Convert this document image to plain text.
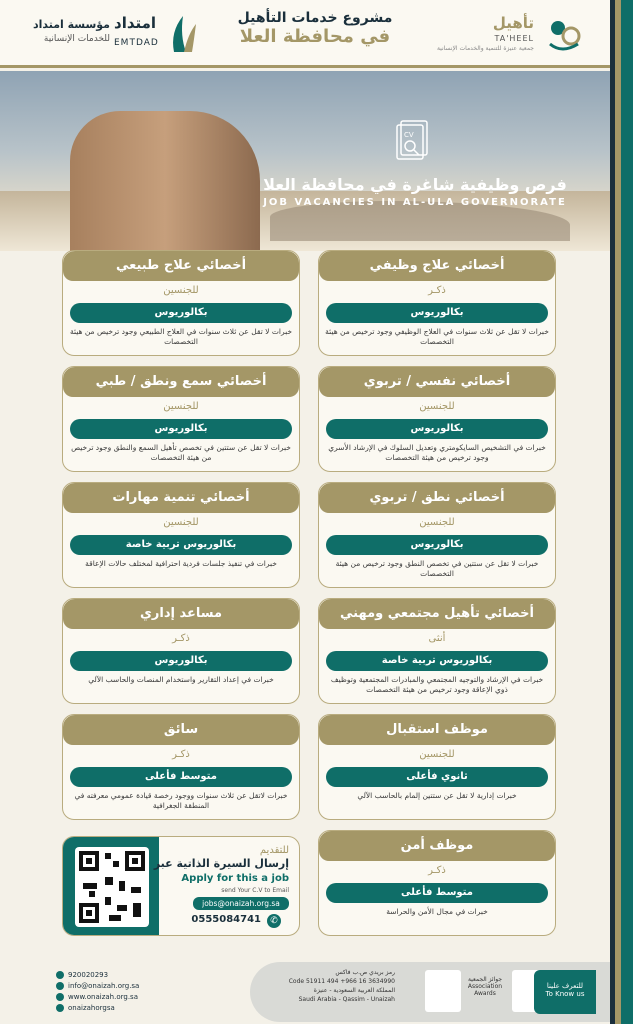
تأهيل
TA'HEEL
جمعية عنيزة للتنمية والخدمات الإنسانية
مشروع خدمات التأهيل
في محافظة العلا
مؤسسة امتداد
للخدمات الإنسانية
امتداد
EMTDAD
CV
فرص وظيفية شاغرة في محافظة العلا
JOB VACANCIES IN AL-ULA GOVERNORATE
أخصائي علاج وظيفي
ذكـر
بكالوريوس
خبرات لا تقل عن ثلاث سنوات في العلاج الوظيفي وجود ترخيص من هيئة التخصصات
أخصائي علاج طبيعي
للجنسين
بكالوريوس
خبرات لا تقل عن ثلاث سنوات في العلاج الطبيعي وجود ترخيص من هيئة التخصصات
أخصائي نفسي / تربوي
للجنسين
بكالوريوس
خبرات في التشخيص السايكومتري وتعديل السلوك في الإرشاد الأسري وجود ترخيص من هيئة التخصصات
أخصائي سمع ونطق / طبي
للجنسين
بكالوريوس
خبرات لا تقل عن ستتين في تخصص تأهيل السمع والنطق وجود ترخيص من هيئة التخصصات
أخصائي نطق / تربوي
للجنسين
بكالوريوس
خبرات لا تقل عن ستتين في تخصص النطق وجود ترخيص من هيئة التخصصات
أخصائي تنمية مهارات
للجنسين
بكالوريوس تربية خاصة
خبرات في تنفيذ جلسات فردية احترافية لمختلف حالات الإعاقة
أخصائي تأهيل مجتمعي ومهني
أنثى
بكالوريوس تربية خاصة
خبرات في الإرشاد والتوجيه المجتمعي والمبادرات المجتمعية وتوظيف ذوي الإعاقة وجود ترخيص من هيئة التخصصات
مساعد إداري
ذكـر
بكالوريوس
خبرات في إعداد التقارير واستخدام المنصات والحاسب الآلي
موظف استقبال
للجنسين
ثانوي فأعلى
خبرات إدارية لا تقل عن ستتين إلمام بالحاسب الآلي
سائق
ذكـر
متوسط فأعلى
خبرات لاتقل عن ثلاث سنوات ووجود رخصة قيادة عمومي معرفته في المنطقة الجغرافية
موظف أمن
ذكـر
متوسط فأعلى
خبرات في مجال الأمن والحراسة
للتقديم
إرسال السيرة الذاتية عبر
Apply for this a job
send Your C.V to Email
jobs@onaizah.org.sa
0555084741	✆
920020293
info@onaizah.org.sa
www.onaizah.org.sa
onaizahorgsa
رمز بريدي ص.ب فاكس
Code 51911 494 +966 16 3634990
المملكة العربية السعودية - عنيزة
Saudi Arabia - Qassim - Unaizah
جوائز الجمعية Association Awards
للتعرف علينا
To Know us
